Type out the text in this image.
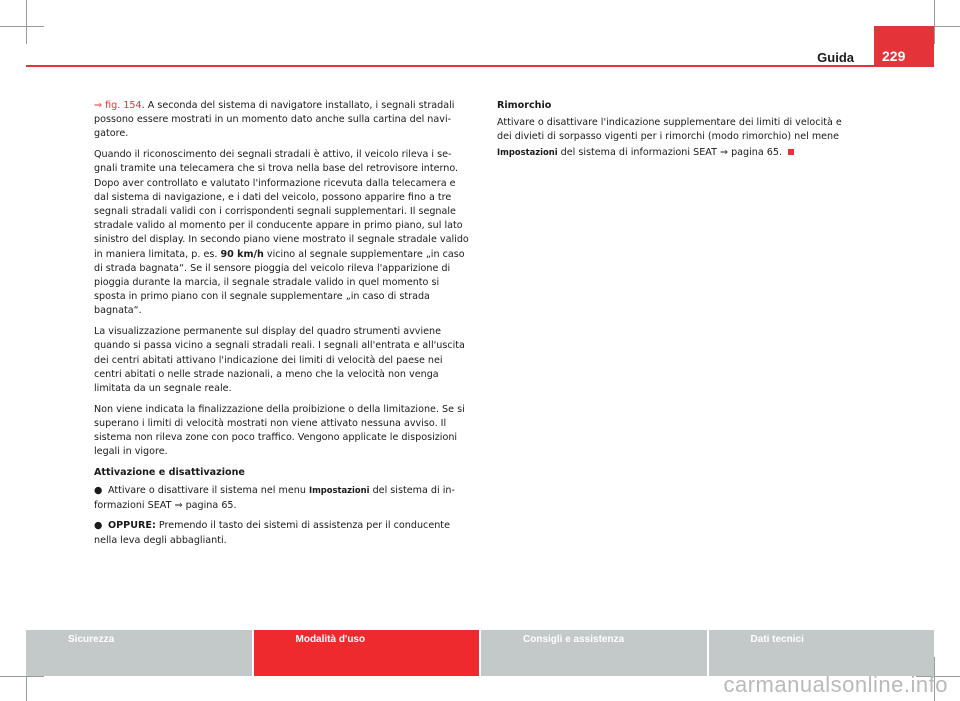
Guida 229

⇒ fig. 154. A seconda del sistema di navigatore installato, i segnali stradali possono essere mostrati in un momento dato anche sulla cartina del navigatore.

Quando il riconoscimento dei segnali stradali è attivo, il veicolo rileva i segnali tramite una telecamera che si trova nella base del retrovisore interno. Dopo aver controllato e valutato l'informazione ricevuta dalla telecamera e dal sistema di navigazione, e i dati del veicolo, possono apparire fino a tre segnali stradali validi con i corrispondenti segnali supplementari. Il segnale stradale valido al momento per il conducente appare in primo piano, sul lato sinistro del display. In secondo piano viene mostrato il segnale stradale valido in maniera limitata, p. es. 90 km/h vicino al segnale supplementare „in caso di strada bagnata“. Se il sensore pioggia del veicolo rileva l'apparizione di pioggia durante la marcia, il segnale stradale valido in quel momento si sposta in primo piano con il segnale supplementare „in caso di strada bagnata“.

La visualizzazione permanente sul display del quadro strumenti avviene quando si passa vicino a segnali stradali reali. I segnali all'entrata e all'uscita dei centri abitati attivano l'indicazione dei limiti di velocità del paese nei centri abitati o nelle strade nazionali, a meno che la velocità non venga limitata da un segnale reale.

Non viene indicata la finalizzazione della proibizione o della limitazione. Se si superano i limiti di velocità mostrati non viene attivato nessuna avviso. Il sistema non rileva zone con poco traffico. Vengono applicate le disposizioni legali in vigore.

Attivazione e disattivazione

● Attivare o disattivare il sistema nel menu Impostazioni del sistema di informazioni SEAT ⇒ pagina 65.

● OPPURE: Premendo il tasto dei sistemi di assistenza per il conducente nella leva degli abbaglianti.

Rimorchio

Attivare o disattivare l'indicazione supplementare dei limiti di velocità e dei divieti di sorpasso vigenti per i rimorchi (modo rimorchio) nel mene Impostazioni del sistema di informazioni SEAT ⇒ pagina 65.

Sicurezza	Modalità d'uso	Consigli e assistenza	Dati tecnici
carmanualsonline.info
